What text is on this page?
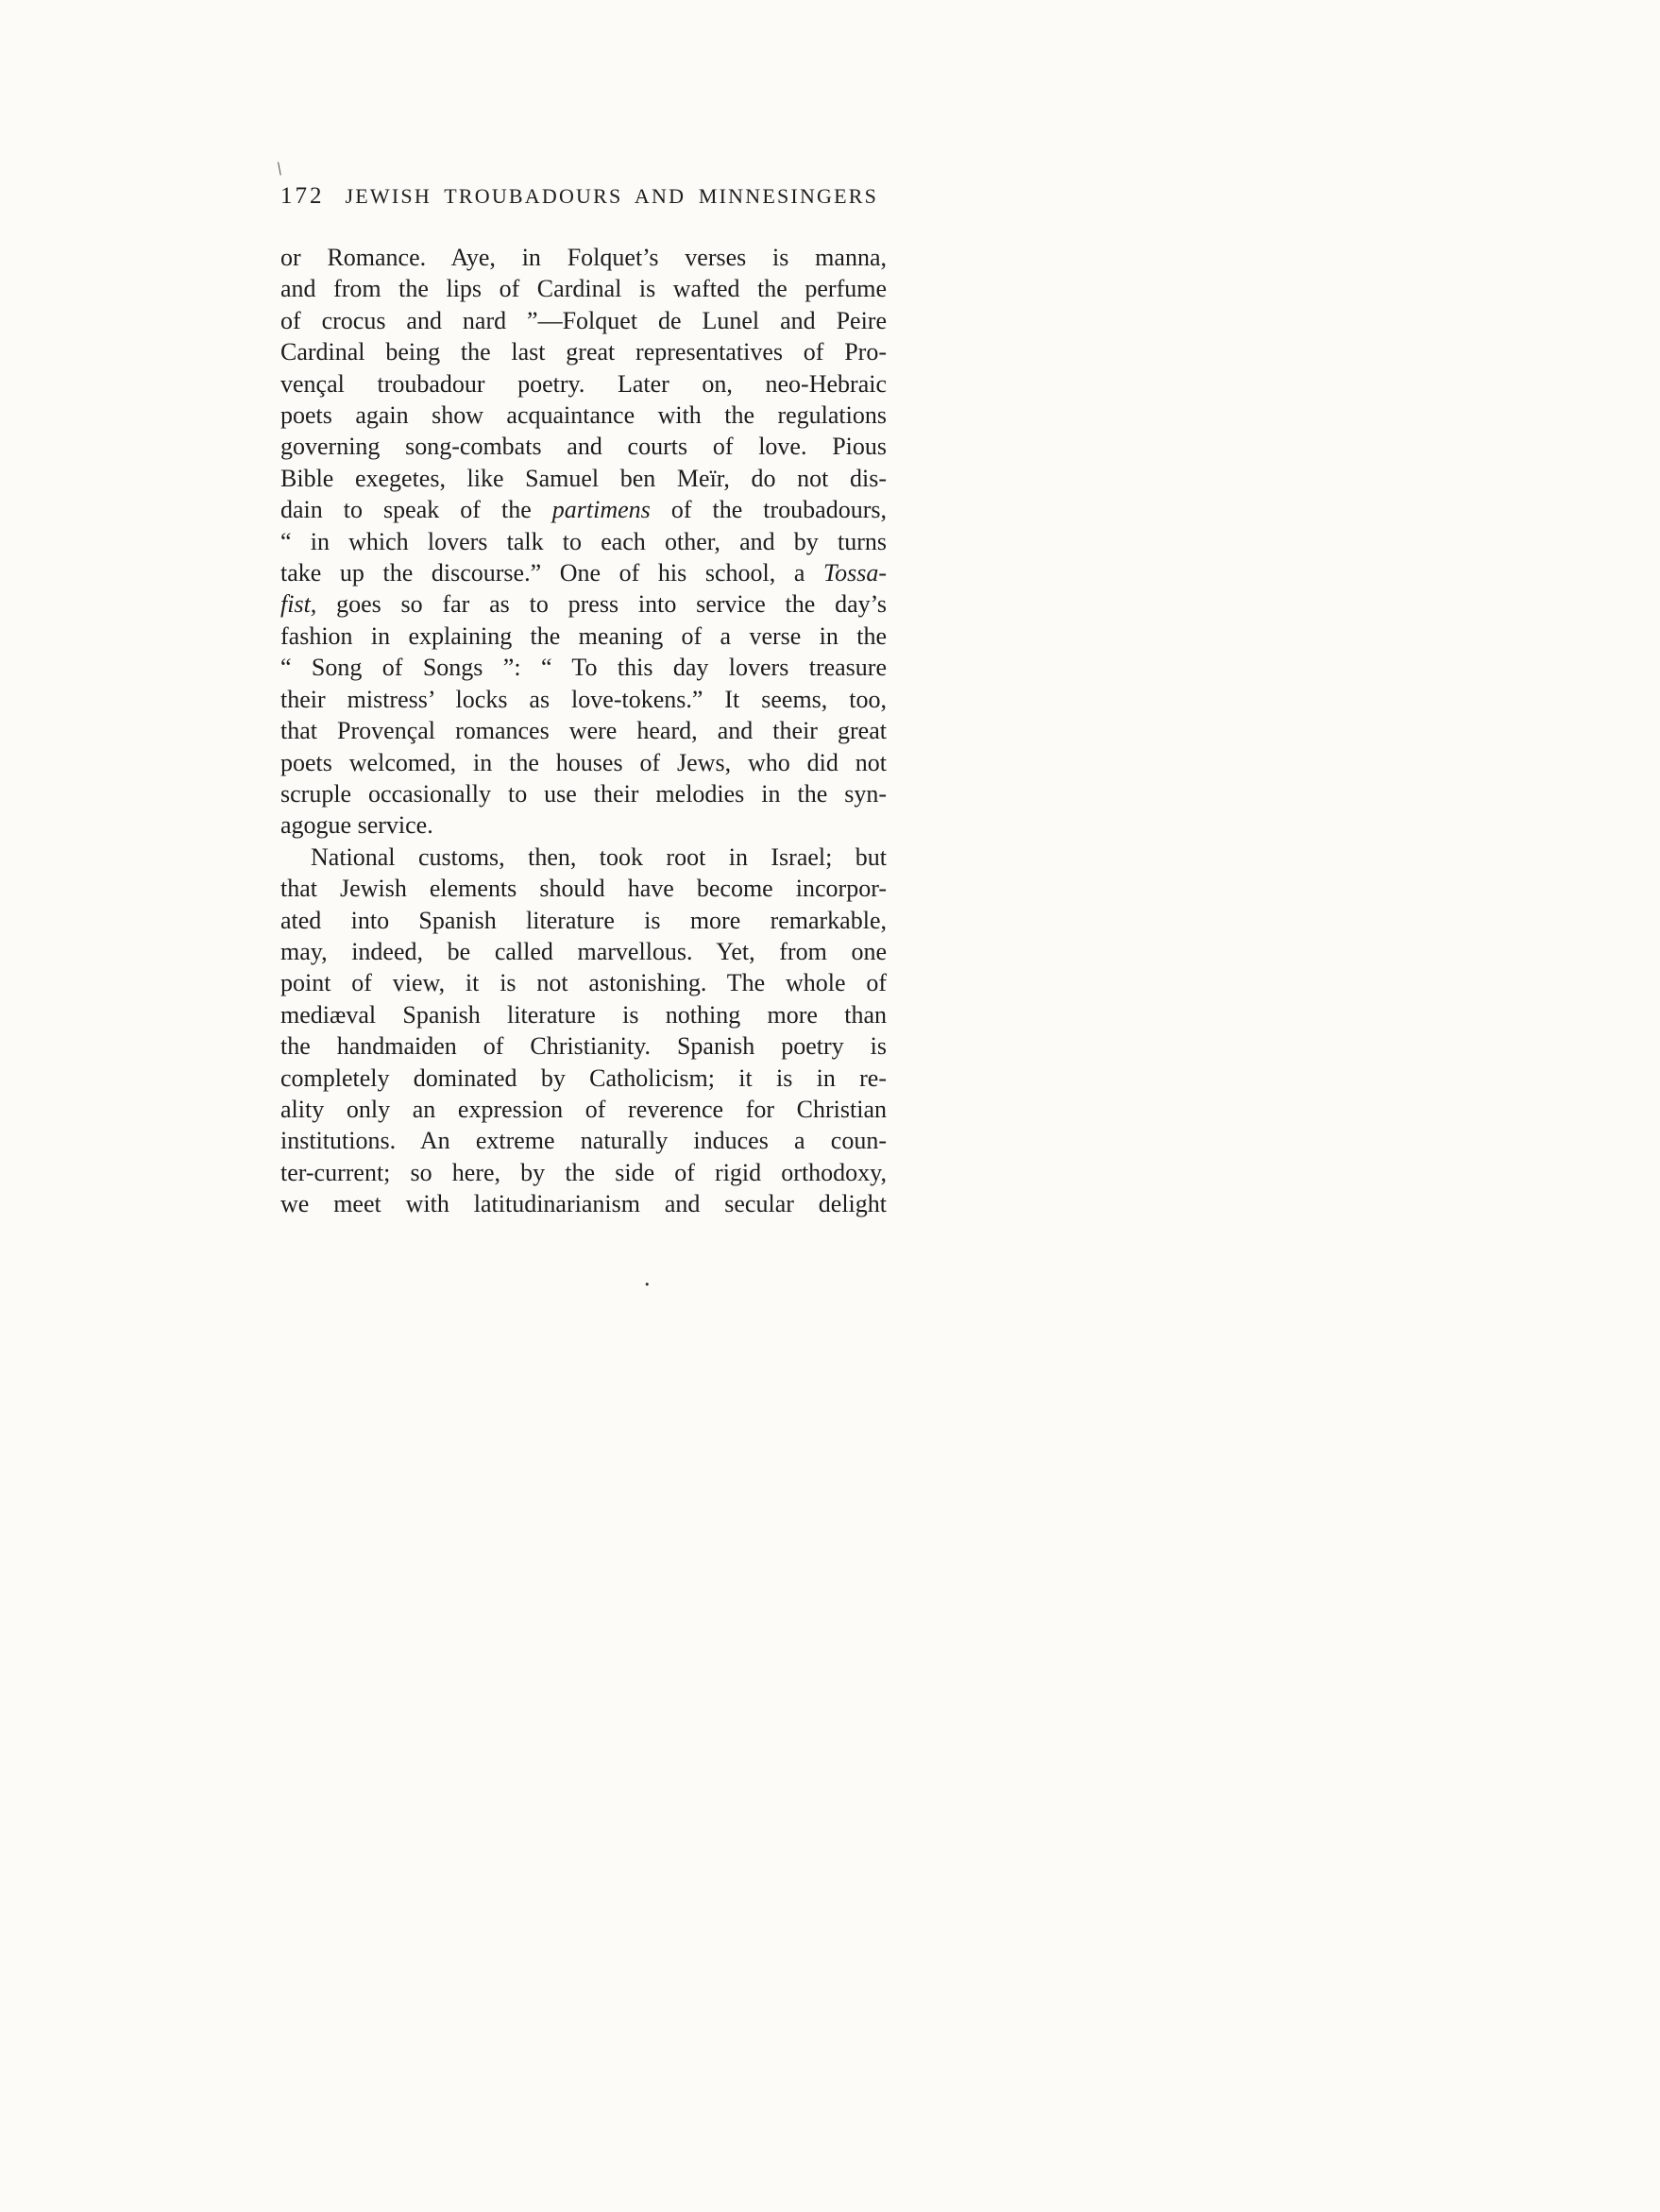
\
172 JEWISH TROUBADOURS AND MINNESINGERS
or Romance. Aye, in Folquet’s verses is manna,
and from the lips of Cardinal is wafted the perfume
of crocus and nard ”—Folquet de Lunel and Peire
Cardinal being the last great representatives of Pro-
vençal troubadour poetry. Later on, neo-Hebraic
poets again show acquaintance with the regulations
governing song-combats and courts of love. Pious
Bible exegetes, like Samuel ben Meïr, do not dis-
dain to speak of the partimens of the troubadours,
“ in which lovers talk to each other, and by turns
take up the discourse.” One of his school, a Tossa-
fist, goes so far as to press into service the day’s
fashion in explaining the meaning of a verse in the
“ Song of Songs ”: “ To this day lovers treasure
their mistress’ locks as love-tokens.” It seems, too,
that Provençal romances were heard, and their great
poets welcomed, in the houses of Jews, who did not
scruple occasionally to use their melodies in the syn-
agogue service.
National customs, then, took root in Israel; but
that Jewish elements should have become incorpor-
ated into Spanish literature is more remarkable,
may, indeed, be called marvellous. Yet, from one
point of view, it is not astonishing. The whole of
mediæval Spanish literature is nothing more than
the handmaiden of Christianity. Spanish poetry is
completely dominated by Catholicism; it is in re-
ality only an expression of reverence for Christian
institutions. An extreme naturally induces a coun-
ter-current; so here, by the side of rigid orthodoxy,
we meet with latitudinarianism and secular delight
.
